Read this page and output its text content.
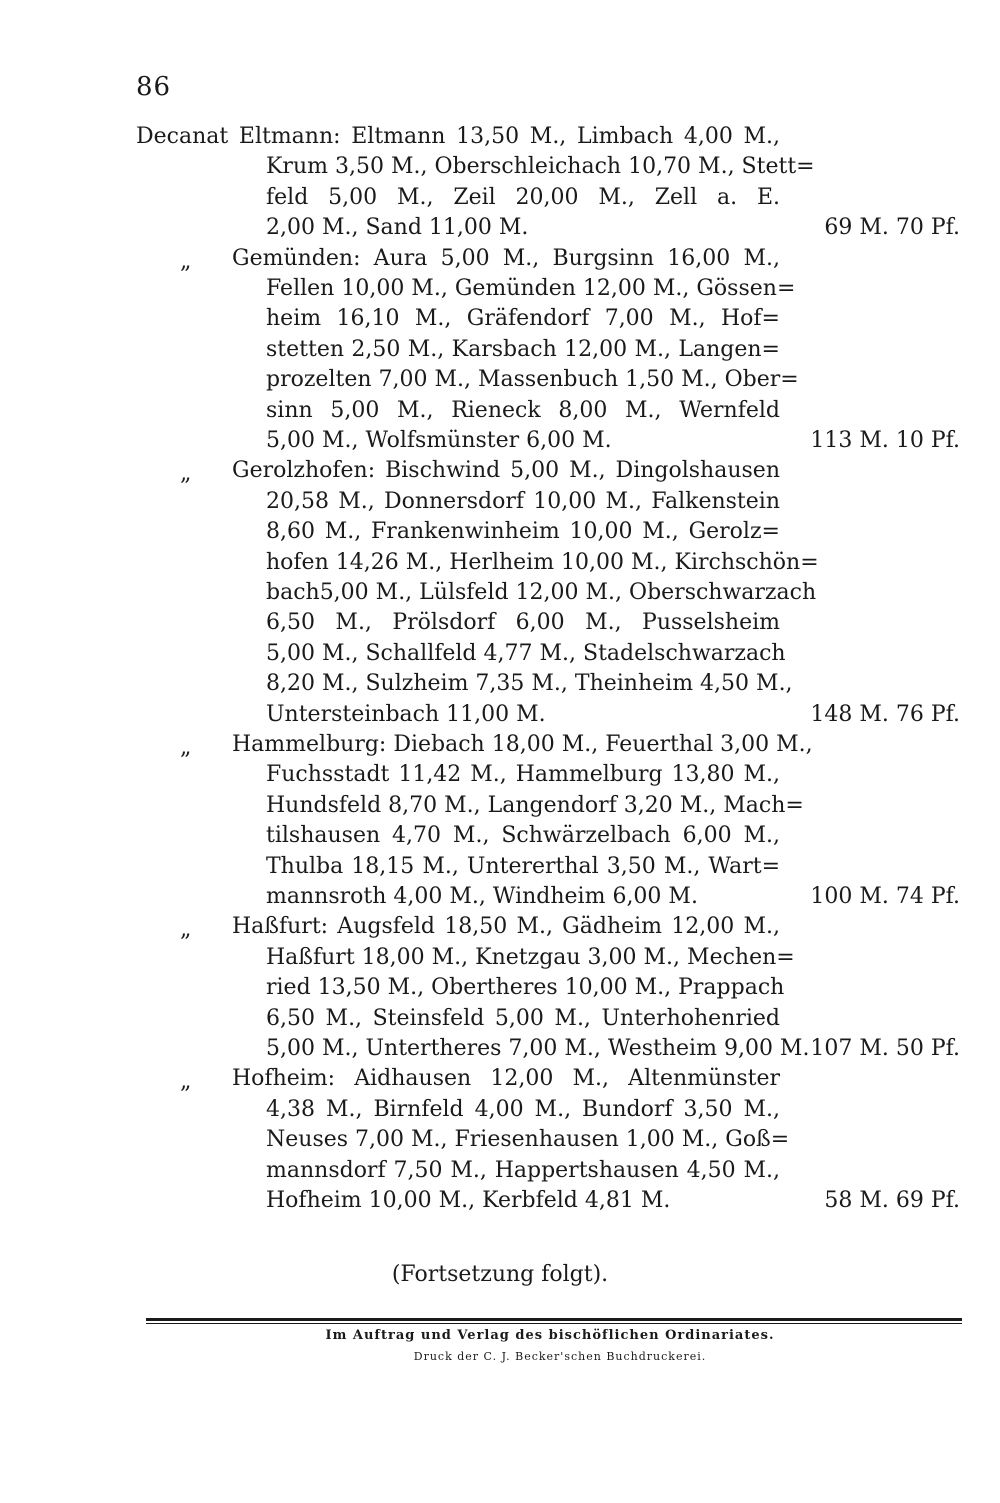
86
Decanat Eltmann: Eltmann 13,50 M., Limbach 4,00 M.,
Krum 3,50 M., Oberschleichach 10,70 M., Stett=
feld 5,00 M., Zeil 20,00 M., Zell a. E.
2,00 M., Sand 11,00 M.	69 M. 70 Pf.
„ Gemünden: Aura 5,00 M., Burgsinn 16,00 M.,
Fellen 10,00 M., Gemünden 12,00 M., Gössen=
heim 16,10 M., Gräfendorf 7,00 M., Hof=
stetten 2,50 M., Karsbach 12,00 M., Langen=
prozelten 7,00 M., Massenbuch 1,50 M., Ober=
sinn 5,00 M., Rieneck 8,00 M., Wernfeld
5,00 M., Wolfsmünster 6,00 M.	113 M. 10 Pf.
„ Gerolzhofen: Bischwind 5,00 M., Dingolshausen
20,58 M., Donnersdorf 10,00 M., Falkenstein
8,60 M., Frankenwinheim 10,00 M., Gerolz=
hofen 14,26 M., Herlheim 10,00 M., Kirchschön=
bach5,00 M., Lülsfeld 12,00 M., Oberschwarzach
6,50 M., Prölsdorf 6,00 M., Pusselsheim
5,00 M., Schallfeld 4,77 M., Stadelschwarzach
8,20 M., Sulzheim 7,35 M., Theinheim 4,50 M.,
Untersteinbach 11,00 M.	148 M. 76 Pf.
„ Hammelburg: Diebach 18,00 M., Feuerthal 3,00 M.,
Fuchsstadt 11,42 M., Hammelburg 13,80 M.,
Hundsfeld 8,70 M., Langendorf 3,20 M., Mach=
tilshausen 4,70 M., Schwärzelbach 6,00 M.,
Thulba 18,15 M., Untererthal 3,50 M., Wart=
mannsroth 4,00 M., Windheim 6,00 M.	100 M. 74 Pf.
„ Haßfurt: Augsfeld 18,50 M., Gädheim 12,00 M.,
Haßfurt 18,00 M., Knetzgau 3,00 M., Mechen=
ried 13,50 M., Obertheres 10,00 M., Prappach
6,50 M., Steinsfeld 5,00 M., Unterhohenried
5,00 M., Untertheres 7,00 M., Westheim 9,00 M. 107 M. 50 Pf.
„ Hofheim: Aidhausen 12,00 M., Altenmünster
4,38 M., Birnfeld 4,00 M., Bundorf 3,50 M.,
Neuses 7,00 M., Friesenhausen 1,00 M., Goß=
mannsdorf 7,50 M., Happertshausen 4,50 M.,
Hofheim 10,00 M., Kerbfeld 4,81 M.	58 M. 69 Pf.
(Fortsetzung folgt).
Im Auftrag und Verlag des bischöflichen Ordinariates.
Druck der C. J. Becker'schen Buchdruckerei.
